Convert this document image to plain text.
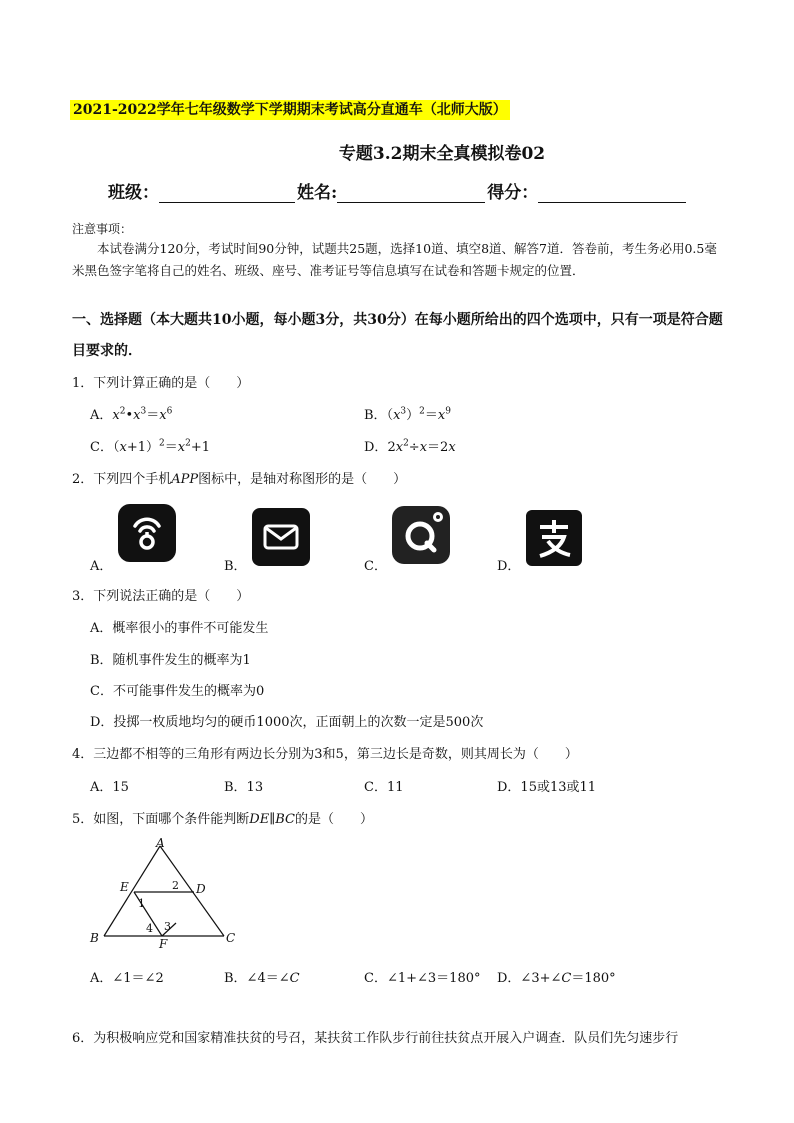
2021-2022学年七年级数学下学期期末考试高分直通车（北师大版）
专题3.2期末全真模拟卷02
班级：	姓名:	得分：
注意事项：
本试卷满分120分，考试时间90分钟，试题共25题，选择10道、填空8道、解答7道．答卷前，考生务必用0.5毫米黑色签字笔将自己的姓名、班级、座号、准考证号等信息填写在试卷和答题卡规定的位置．
一、选择题（本大题共10小题，每小题3分，共30分）在每小题所给出的四个选项中，只有一项是符合题目要求的．
1．下列计算正确的是（　　）
A．$x^2•x^3=x^6$	B．$(x^3)^2=x^9$
C．$(x+1)^2=x^2+1$	D．$2x^2\div x=2x$
2．下列四个手机APP图标中，是轴对称图形的是（　　）
A．	B．	C．	D．
3．下列说法正确的是（　　）
A．概率很小的事件不可能发生
B．随机事件发生的概率为1
C．不可能事件发生的概率为0
D．投掷一枚质地均匀的硬币1000次，正面朝上的次数一定是500次
4．三边都不相等的三角形有两边长分别为3和5，第三边长是奇数，则其周长为（　　）
A．15	B．13	C．11	D．15或13或11
5．如图，下面哪个条件能判断DE∥BC的是（　　）
A
E	D
B	F	C
1
2
3
4
A．∠1＝∠2	B．∠4＝∠C	C．∠1+∠3＝180° D．∠3+∠C＝180°
6．为积极响应党和国家精准扶贫的号召，某扶贫工作队步行前往扶贫点开展入户调查．队员们先匀速步行
